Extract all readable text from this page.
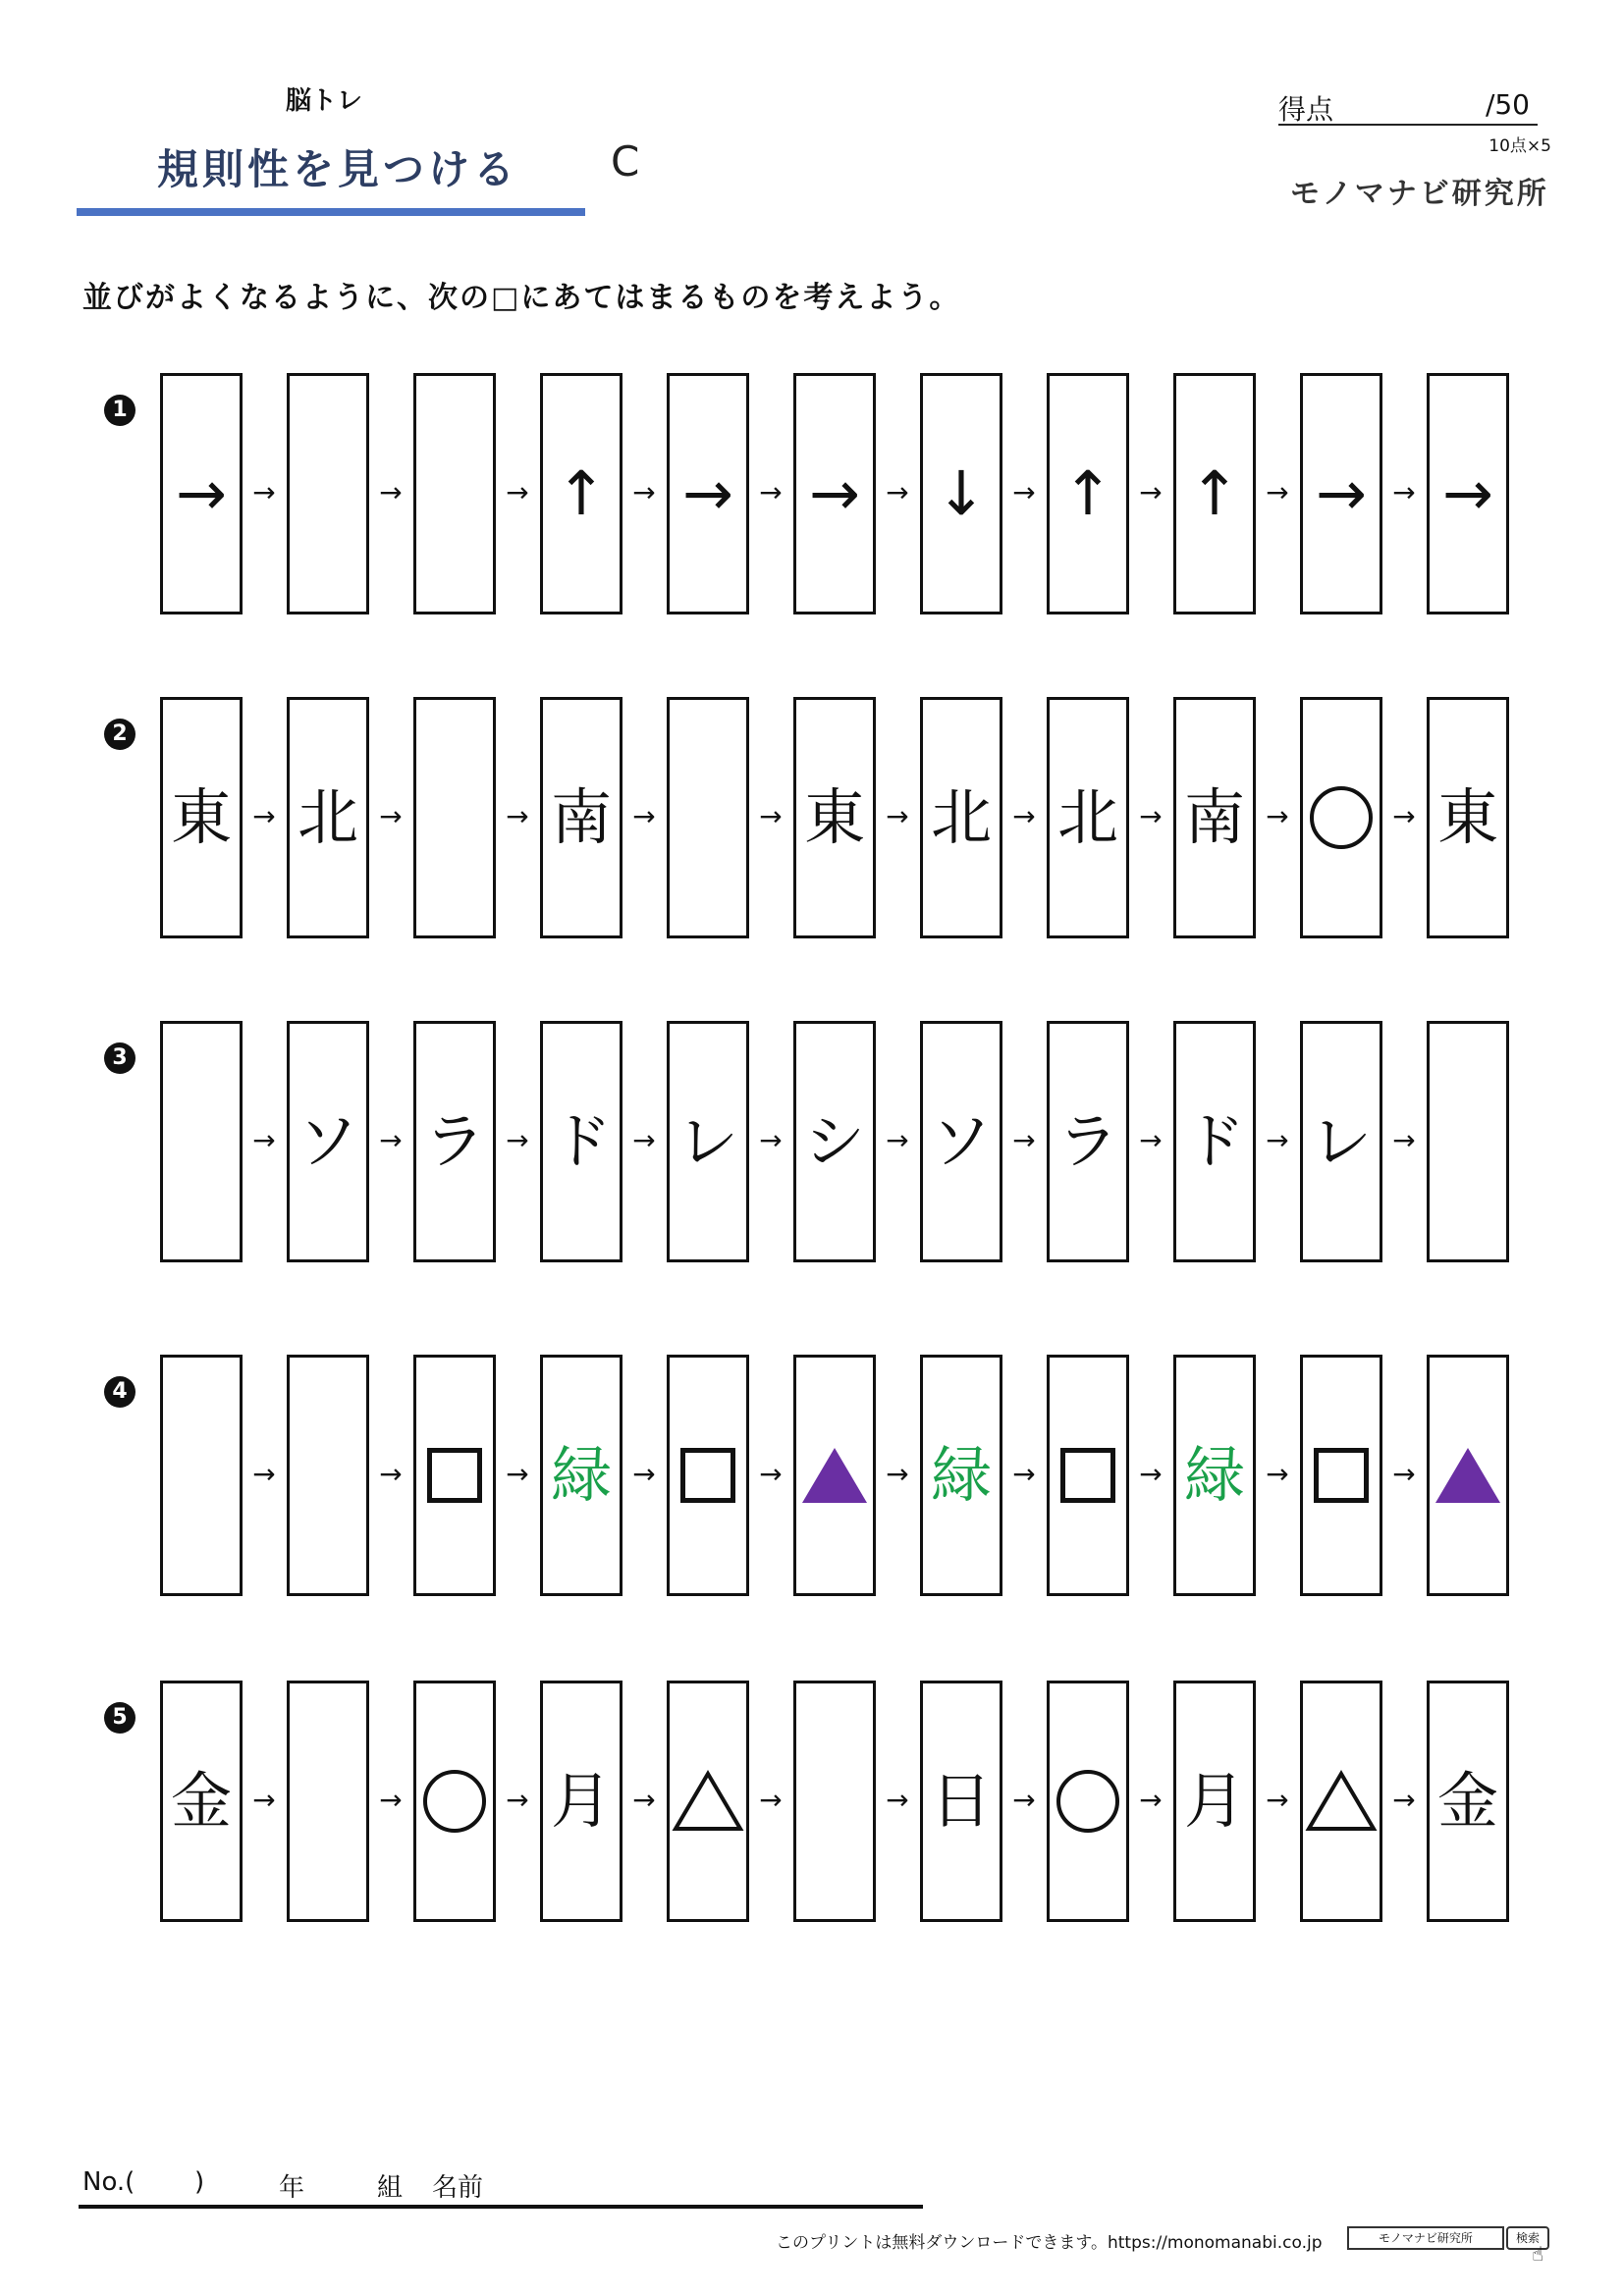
脳トレ
規則性を見つける C
得点	/50
10点×5
モノマナビ研究所
並びがよくなるように、次の□にあてはまるものを考えよう。
1
→ →	→	→ ↑ → → → → → ↓ → ↑ → ↑ → → → →
2
東 → 北 →	→ 南 →	→ 東 → 北 → 北 → 南 →	→ 東
3
→ ソ → ラ → ド → レ → シ → ソ → ラ → ド → レ →
4
→	→	→ 緑 →	→	→ 緑 →	→ 緑 →	→
5
金 →	→	→ 月 →	→	→ 日 →	→ 月 →	→ 金
No.( )	年	組 名前
このプリントは無料ダウンロードできます。https://monomanabi.co.jp	モノマナビ研究所	検索
☝
